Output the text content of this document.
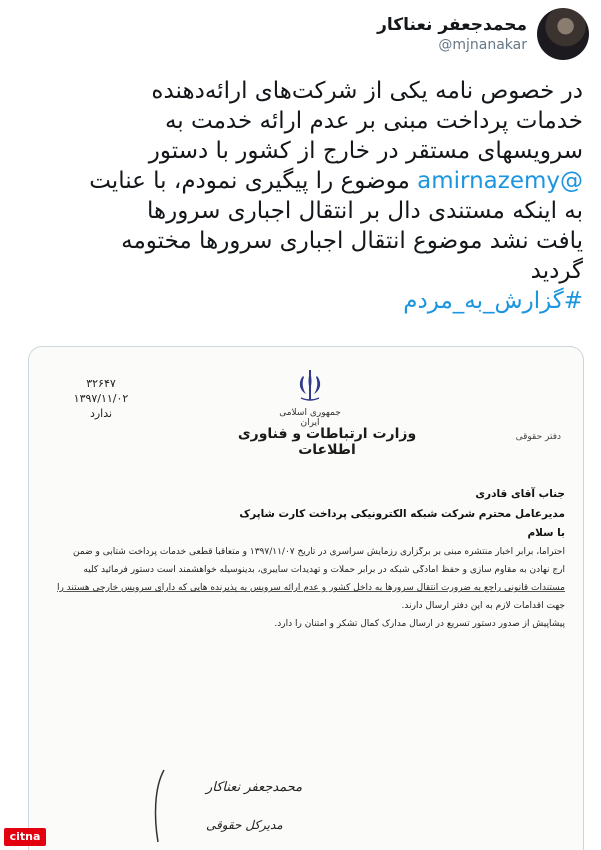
محمدجعفر نعناکار
@mjnanakar
در خصوص نامه یکی از شرکت‌های ارائه‌دهنده
خدمات پرداخت مبنی بر عدم ارائه خدمت به
سرویسهای مستقر در خارج از کشور با دستور
@amirnazemy موضوع را پیگیری نمودم، با عنایت
به اینکه مستندی دال بر انتقال اجباری سرورها
یافت نشد موضوع انتقال اجباری سرورها مختومه
گردید
#گزارش_به_مردم
۳۲۶۴۷
۱۳۹۷/۱۱/۰۲
ندارد	جمهوری اسلامی ایران
وزارت ارتباطات و فناوری اطلاعات
دفتر حقوقی
جناب آقای قادری
مدیرعامل محترم شرکت شبکه الکترونیکی پرداخت کارت شاپرک
با سلام
احتراماً، برابر اخبار منتشره مبنی بر برگزاری رزمایش سراسری در تاریخ ۱۳۹۷/۱۱/۰۷ و متعاقباً قطعی خدمات پرداخت شتابی و ضمن
ارج نهادن به مقاوم سازی و حفظ امادگی شبکه در برابر حملات و تهدیدات سایبری، بدینوسیله خواهشمند است دستور فرمائید کلیه
مستندات قانونی راجع به ضرورت انتقال سرورها به داخل کشور و عدم ارائه سرویس به پذیرنده هایی که دارای سرویس خارجی هستند را
جهت اقدامات لازم به این دفتر ارسال دارند.
پیشاپیش از صدور دستور تسریع در ارسال مدارک کمال تشکر و امتنان را دارد.
محمدجعفر نعناکار
مدیرکل حقوقی
citna
